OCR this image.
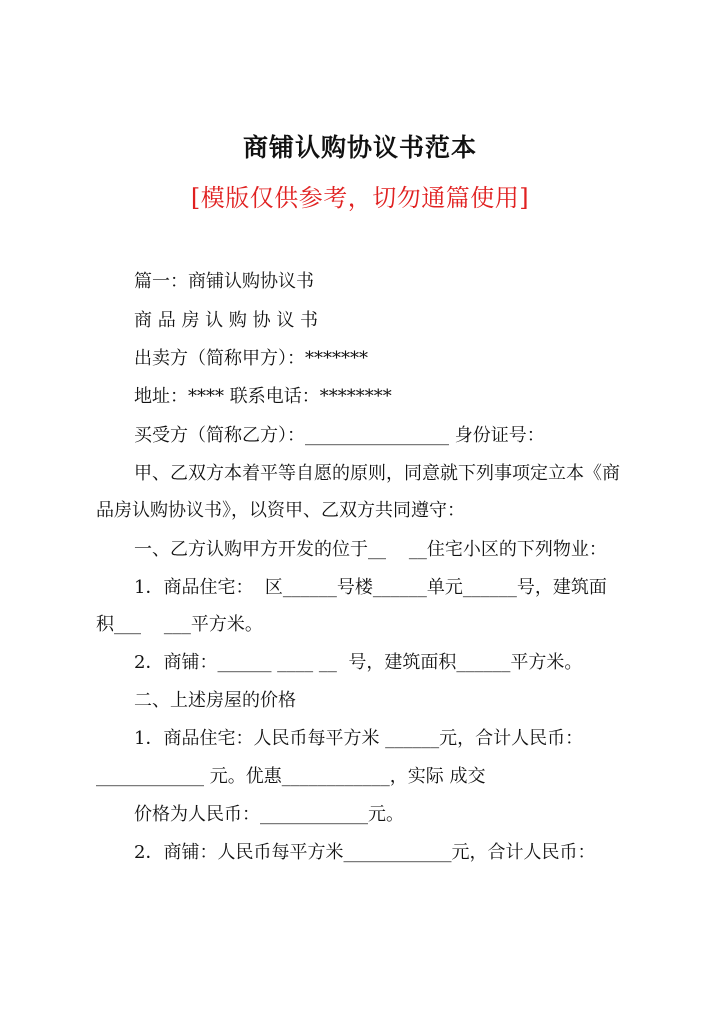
商铺认购协议书范本
[模版仅供参考，切勿通篇使用]
篇一：商铺认购协议书
商 品 房 认 购 协 议 书
出卖方（简称甲方）：*******
地址：**** 联系电话：********
买受方（简称乙方）：________________ 身份证号：
甲、乙双方本着平等自愿的原则，同意就下列事项定立本《商
品房认购协议书》，以资甲、乙双方共同遵守：
一、乙方认购甲方开发的位于__    __住宅小区的下列物业：
1．商品住宅：  区______号楼______单元______号，建筑面
积___    ___平方米。
2．商铺：______ ____ __  号，建筑面积______平方米。
二、上述房屋的价格
1．商品住宅：人民币每平方米 ______元，合计人民币：
____________ 元。优惠____________，实际 成交
价格为人民币：____________元。
2．商铺：人民币每平方米____________元，合计人民币：
